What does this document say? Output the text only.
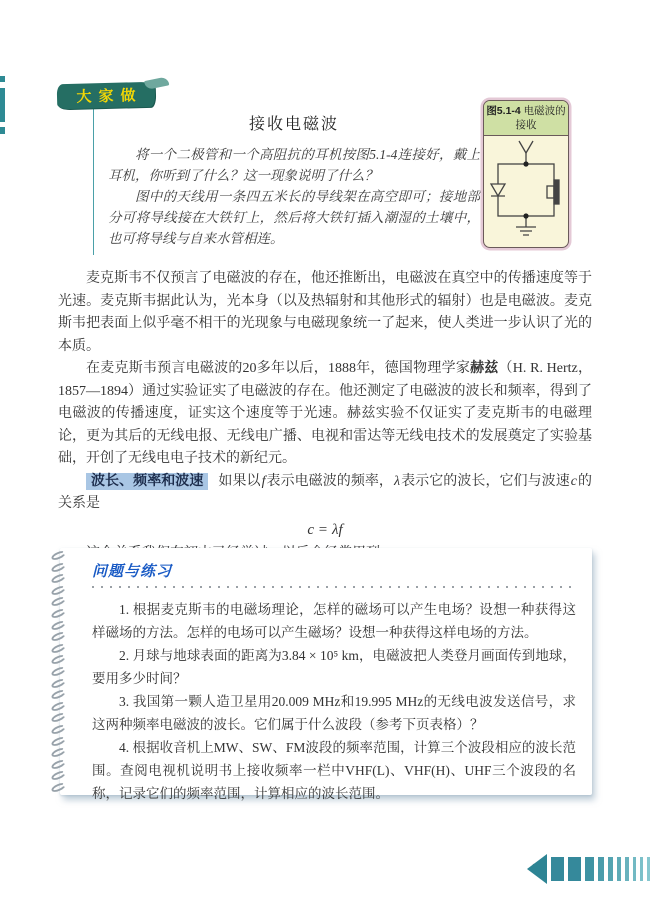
大家做
接收电磁波

将一个二极管和一个高阻抗的耳机按图5.1-4连接好，戴上耳机，你听到了什么？这一现象说明了什么？

图中的天线用一条四五米长的导线架在高空即可；接地部分可将导线接在大铁钉上，然后将大铁钉插入潮湿的土壤中，也可将导线与自来水管相连。

图5.1-4 电磁波的接收

麦克斯韦不仅预言了电磁波的存在，他还推断出，电磁波在真空中的传播速度等于光速。麦克斯韦据此认为，光本身（以及热辐射和其他形式的辐射）也是电磁波。麦克斯韦把表面上似乎毫不相干的光现象与电磁现象统一了起来，使人类进一步认识了光的本质。

在麦克斯韦预言电磁波的20多年以后，1888年，德国物理学家赫兹（H. R. Hertz，1857—1894）通过实验证实了电磁波的存在。他还测定了电磁波的波长和频率，得到了电磁波的传播速度，证实这个速度等于光速。赫兹实验不仅证实了麦克斯韦的电磁理论，更为其后的无线电报、无线电广播、电视和雷达等无线电技术的发展奠定了实验基础，开创了无线电电子技术的新纪元。

波长、频率和波速 如果以f表示电磁波的频率，λ表示它的波长，它们与波速c的关系是

c = λf

问题与练习

1. 根据麦克斯韦的电磁场理论，怎样的磁场可以产生电场？设想一种获得这样磁场的方法。怎样的电场可以产生磁场？设想一种获得这样电场的方法。

2. 月球与地球表面的距离为3.84 × 10⁵ km，电磁波把人类登月画面传到地球，要用多少时间？

3. 我国第一颗人造卫星用20.009 MHz和19.995 MHz的无线电波发送信号，求这两种频率电磁波的波长。它们属于什么波段（参考下页表格）？

4. 根据收音机上MW、SW、FM波段的频率范围，计算三个波段相应的波长范围。查阅电视机说明书上接收频率一栏中VHF(L)、VHF(H)、UHF三个波段的名称，记录它们的频率范围，计算相应的波长范围。

69
